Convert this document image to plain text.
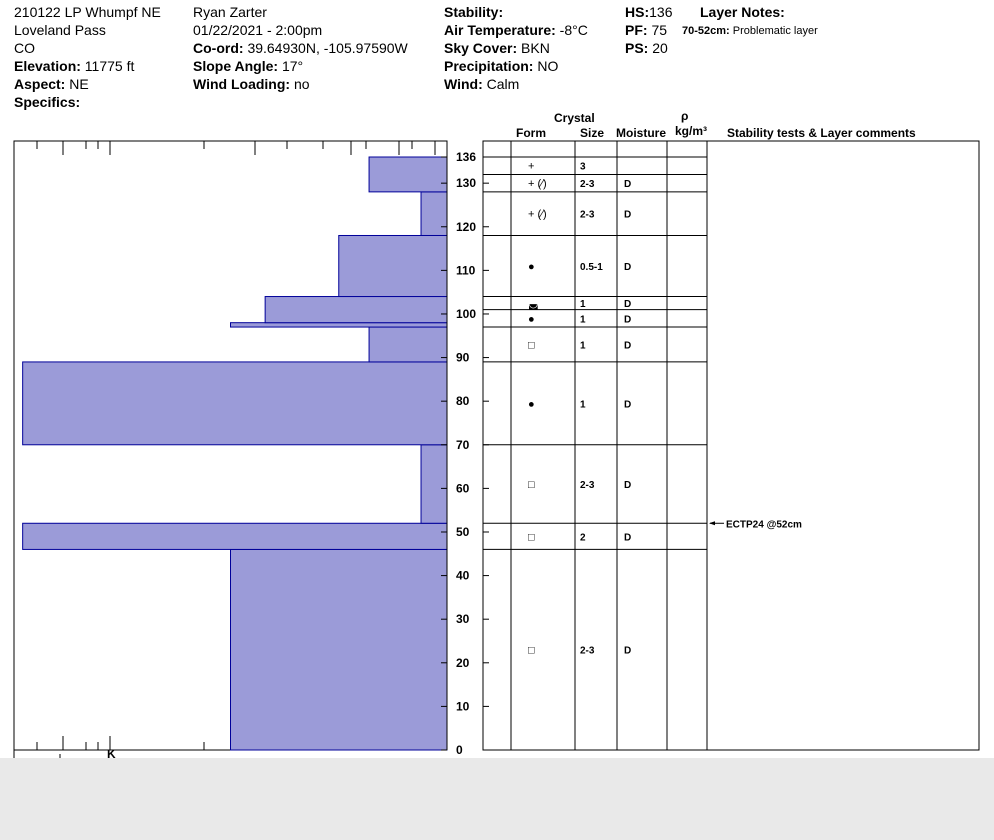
210122 LP Whumpf NE
Loveland Pass
CO
Elevation: 11775 ft
Aspect: NE
Specifics:
Ryan Zarter
01/22/2021 - 2:00pm
Co-ord: 39.64930N, -105.97590W
Slope Angle: 17°
Wind Loading: no
Stability:
Air Temperature: -8°C
Sky Cover: BKN
Precipitation: NO
Wind: Calm
HS:136
PF: 75
PS: 20
Layer Notes:
70-52cm: Problematic layer
Crystal
Form	Size Moisture
ρ
kg/m³ Stability tests & Layer comments
0
10
20
30
40
50
60
70
80
90
100
110
120
130
136
K
+	3
+ (⁄)	2-3	D
+ (⁄)	2-3	D
●	0.5-1 D
◛	1	D
●	1	D
□	1	D
●	1	D
□	2-3	D
□	2	D
□	2-3	D
ECTP24 @52cm
